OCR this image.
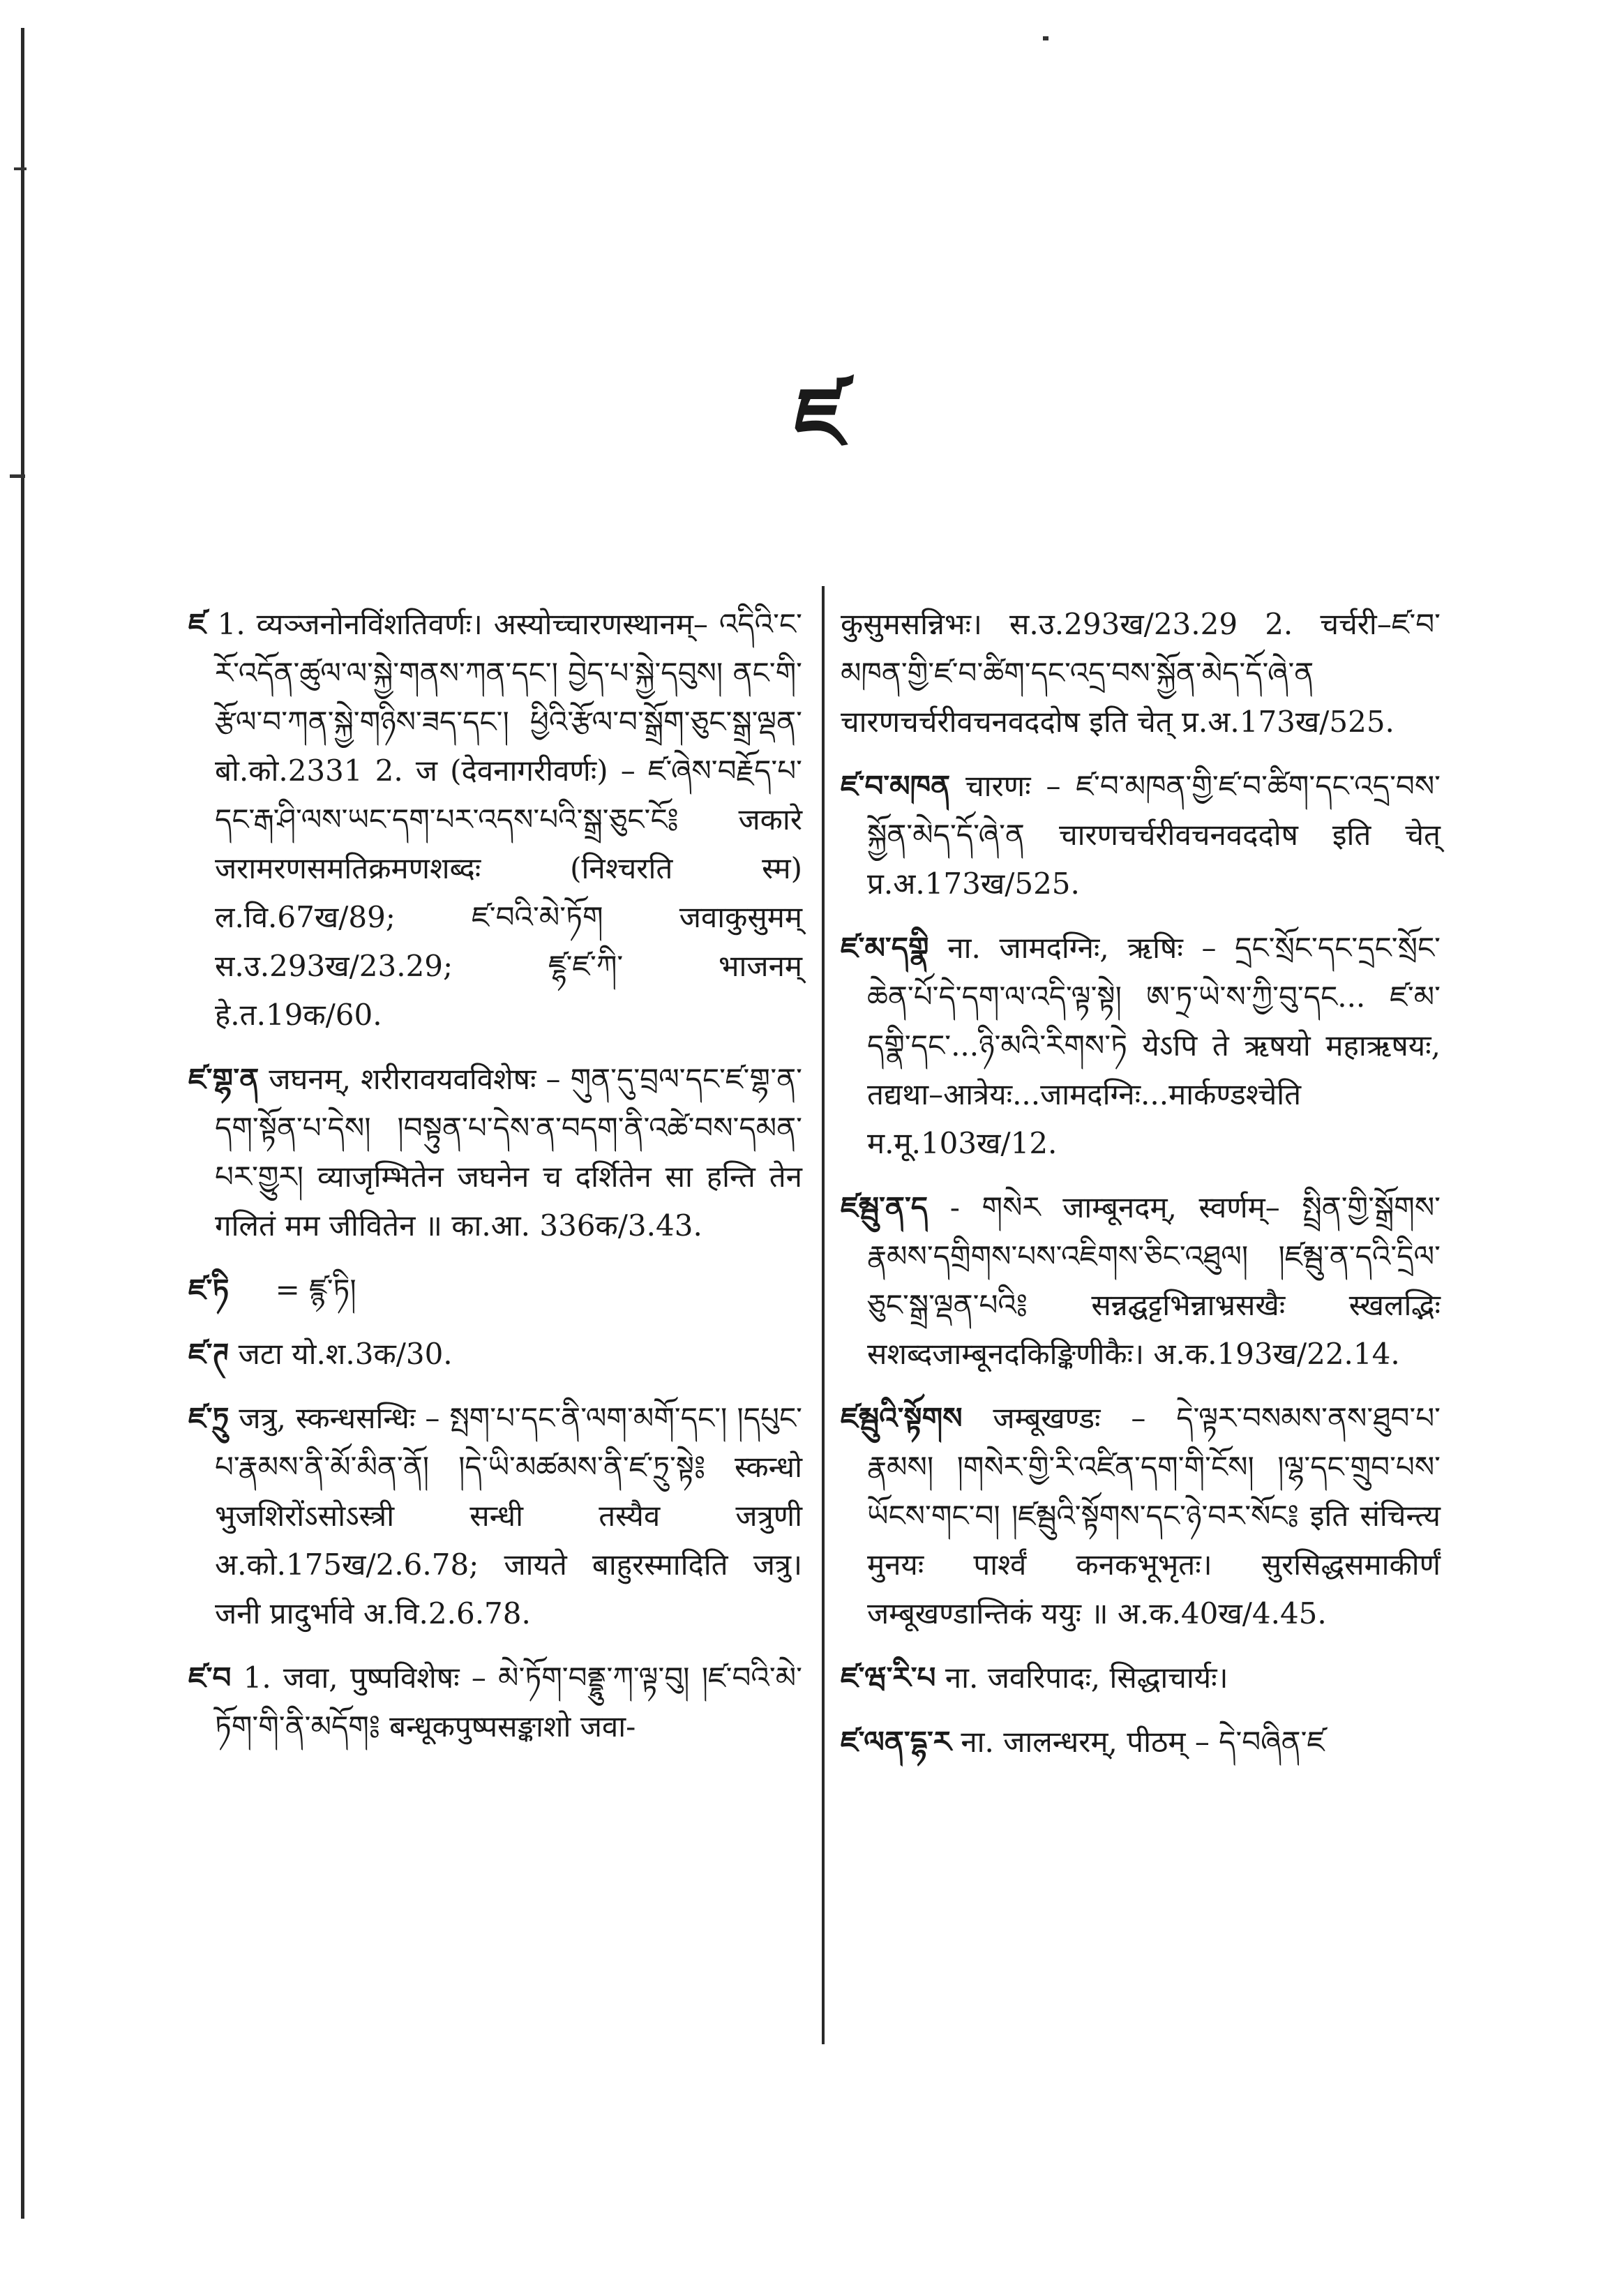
ཛ

ཛ 1. व्यञ्जनोनविंशतिवर्णः। अस्योच्चारणस्थानम्– འདིའི་ང་རོ་འདོན་ཚུལ་ལ་སྐྱེ་གནས་ཀན་དང་། བྱེད་པ་སྐྱེ་དབུས། ནང་གི་རྩོལ་བ་ཀན་སྐྱེ་གཉིས་ཟད་དང་། ཕྱིའི་རྩོལ་བ་སྒྲོག་ཅུང་སྒྲ་ལྡན་ बो.को.2331 2. ज (देवनागरीवर्णः) – ཛ་ཞེས་བརྗོད་པ་དང་རྒ་ཤི་ལས་ཡང་དག་པར་འདས་པའི་སྒྲ་ཅུང་ངོ༔ जकारे जरामरणसमतिक्रमणशब्दः (निश्चरति स्म) ल.वि.67ख/89; ཛ་བའི་མེ་ཏོག जवाकुसुमम् स.उ.293ख/23.29; ཛྷ་ཛ་ཀི་ भाजनम् हे.त.19क/60.

ཛ་གྷ་ན जघनम्, शरीरावयवविशेषः – གུན་དུ་བྲལ་དང་ཛ་གྷ་ན་དག་སྟོན་པ་དེས། །བསྟུན་པ་དེས་ན་བདག་ནི་འཚེ་བས་དམན་པར་གྱུར། व्याजृम्भितेन जघनेन च दर्शितेन सा हन्ति तेन गलितं मम जीवितेन ॥ का.आ. 336क/3.43.

ཛ་ཏི = ཛྙ་ཏི།

ཛ་ཊ जटा यो.श.3क/30.

ཛ་ཏྲུ जत्रु, स्कन्धसन्धिः – སྤག་པ་དང་ནི་ལག་མགོ་དང་། །དཔུང་པ་རྣམས་ནི་མོ་མིན་ནོ། །དེ་ཡི་མཚམས་ནི་ཛ་ཏྲུ་སྟེ༔ स्कन्धो भुजशिरोंऽसोऽस्त्री सन्धी तस्यैव जत्रुणी अ.को.175ख/2.6.78; जायते बाहुरस्मादिति जत्रु। जनी प्रादुर्भावे अ.वि.2.6.78.

ཛ་བ 1. जवा, पुष्पविशेषः – མེ་ཏོག་བནྡྷུ་ཀ་ལྟ་བུ། །ཛ་བའི་མེ་ཏོག་གི་ནི་མདོག༔ बन्धूकपुष्पसङ्काशो जवा-

कुसुमसन्निभः। स.उ.293ख/23.29 2. चर्चरी–ཛ་བ་མཁན་གྱི་ཛ་བ་ཚིག་དང་འདྲ་བས་སྐྱོན་མེད་དོ་ཞེ་ན चारणचर्चरीवचनवददोष इति चेत् प्र.अ.173ख/525.

ཛ་བ་མཁན चारणः – ཛ་བ་མཁན་གྱི་ཛ་བ་ཚིག་དང་འདྲ་བས་སྐྱོན་མེད་དོ་ཞེ་ན चारणचर्चरीवचनवददोष इति चेत् प्र.अ.173ख/525.

ཛ་མ་དགྣི ना. जामदग्निः, ऋषिः – དྲང་སྲོང་དང་དྲང་སྲོང་ཆེན་པོ་དེ་དག་ལ་འདི་ལྟ་སྟེ། ཨ་ཏྲ་ཡེ་ས་ཀྱི་བུ་དང... ཛ་མ་དགྣི་དང་...ཉི་མའི་རིགས་ཏེ येऽपि ते ऋषयो महाऋषयः, तद्यथा–आत्रेयः...जामदग्निः...मार्कण्डश्चेति म.मू.103ख/12.

ཛམྦུ་ན་ད - གསེར जाम्बूनदम्, स्वर्णम्– སྤྲིན་གྱི་སྒྲོགས་རྣམས་དགྲིགས་པས་འཇིགས་ཅིང་འཐུལ། །ཛམྦུ་ན་དའི་དྲིལ་ཅུང་སྒྲ་ལྡན་པའི༔ सन्नद्घट्टभिन्नाभ्रसखैः स्खलद्भिः सशब्दजाम्बूनदकिङ्किणीकैः। अ.क.193ख/22.14.

ཛམྦུའི་སྟོགས जम्बूखण्डः – དེ་ལྟར་བསམས་ནས་ཐུབ་པ་རྣམས། །གསེར་གྱི་རི་འཛིན་དག་གི་ངོས། །ལྷ་དང་གྲུབ་པས་ཡོངས་གང་བ། །ཛམྦུའི་སྟོགས་དང་ཉེ་བར་སོང༔ इति संचिन्त्य मुनयः पार्श्वं कनकभूभृतः। सुरसिद्धसमाकीर्णं जम्बूखण्डान्तिकं ययुः ॥ अ.क.40ख/4.45.

ཛ་ཝ་རི་པ ना. जवरिपादः, सिद्धाचार्यः।

ཛ་ལན་དྷ་ར ना. जालन्धरम्, पीठम् – དེ་བཞིན་ཛ
